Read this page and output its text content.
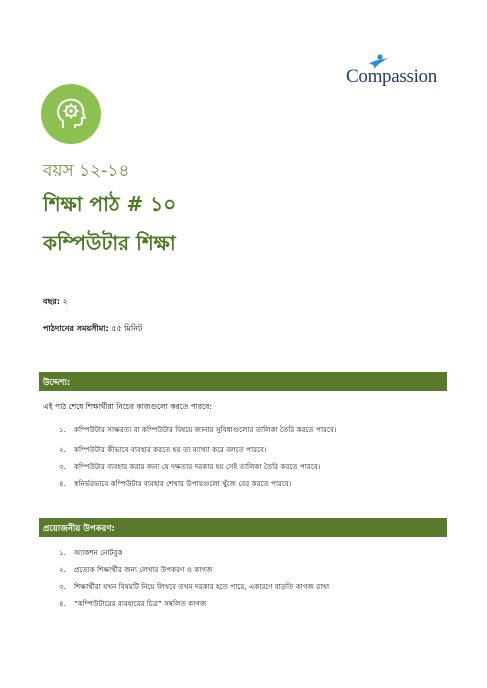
Compassion
বয়স ১২-১৪
শিক্ষা পাঠ # ১০
কম্পিউটার শিক্ষা
বছর: ২
পাঠদানের সময়সীমা: ৫৫ মিনিট
উদ্দেশ্য:
এই পাঠ শেষে শিক্ষার্থীরা নিচের কাজগুলো করতে পারবে:
১. কম্পিউটার সাক্ষরতা বা কম্পিউটার বিষয়ে জানার সুবিধাগুলোর তালিকা তৈরি করতে পারবে।
২. কম্পিউটার কীভাবে ব্যবহার করতে হয় তা ব্যাখ্যা করে বলতে পারবে।
৩. কম্পিউটার ব্যবহার করার জন্য যে দক্ষতার দরকার হয় সেই তালিকা তৈরি করতে পারবে।
৪. স্বনির্ভরভাবে কম্পিউটার ব্যবহার শেখার উপায়গুলো খুঁজে বের করতে পারবে।
প্রয়োজনীয় উপকরণ:
১. অ্যাকশন নোটবুক
২. প্রত্যেক শিক্ষার্থীর জন্য লেখার উপকরণ ও কাগজ
৩. শিক্ষার্থীরা যখন বিষয়টি নিয়ে লিখবে তখন দরকার হতে পারে, একারণে বাড়তি কাগজ রাখা
৪. “কম্পিউটারের ব্যবহারের চিত্র” সম্বলিত কাগজ
